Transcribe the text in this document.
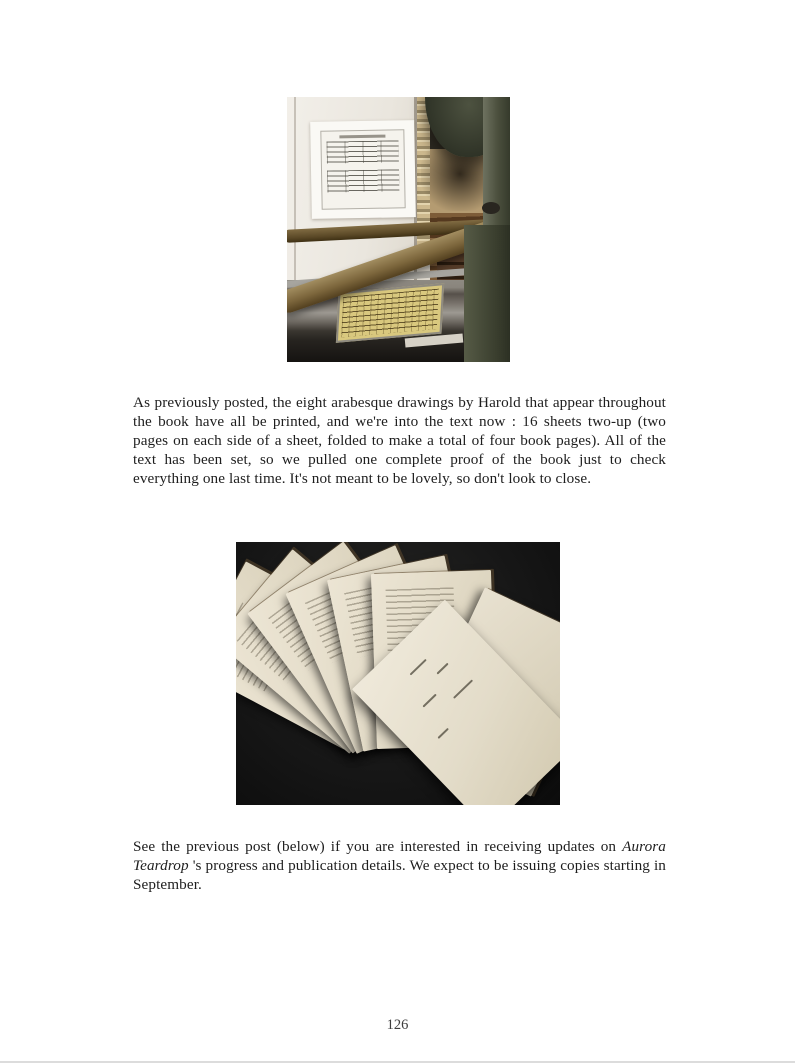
As previously posted, the eight arabesque drawings by Harold that appear throughout the book have all be printed, and we're into the text now : 16 sheets two-up (two pages on each side of a sheet, folded to make a total of four book pages). All of the text has been set, so we pulled one complete proof of the book just to check everything one last time. It's not meant to be lovely, so don't look to close.

See the previous post (below) if you are interested in receiving updates on Aurora Teardrop 's progress and publication details. We expect to be issuing copies starting in September.

126
